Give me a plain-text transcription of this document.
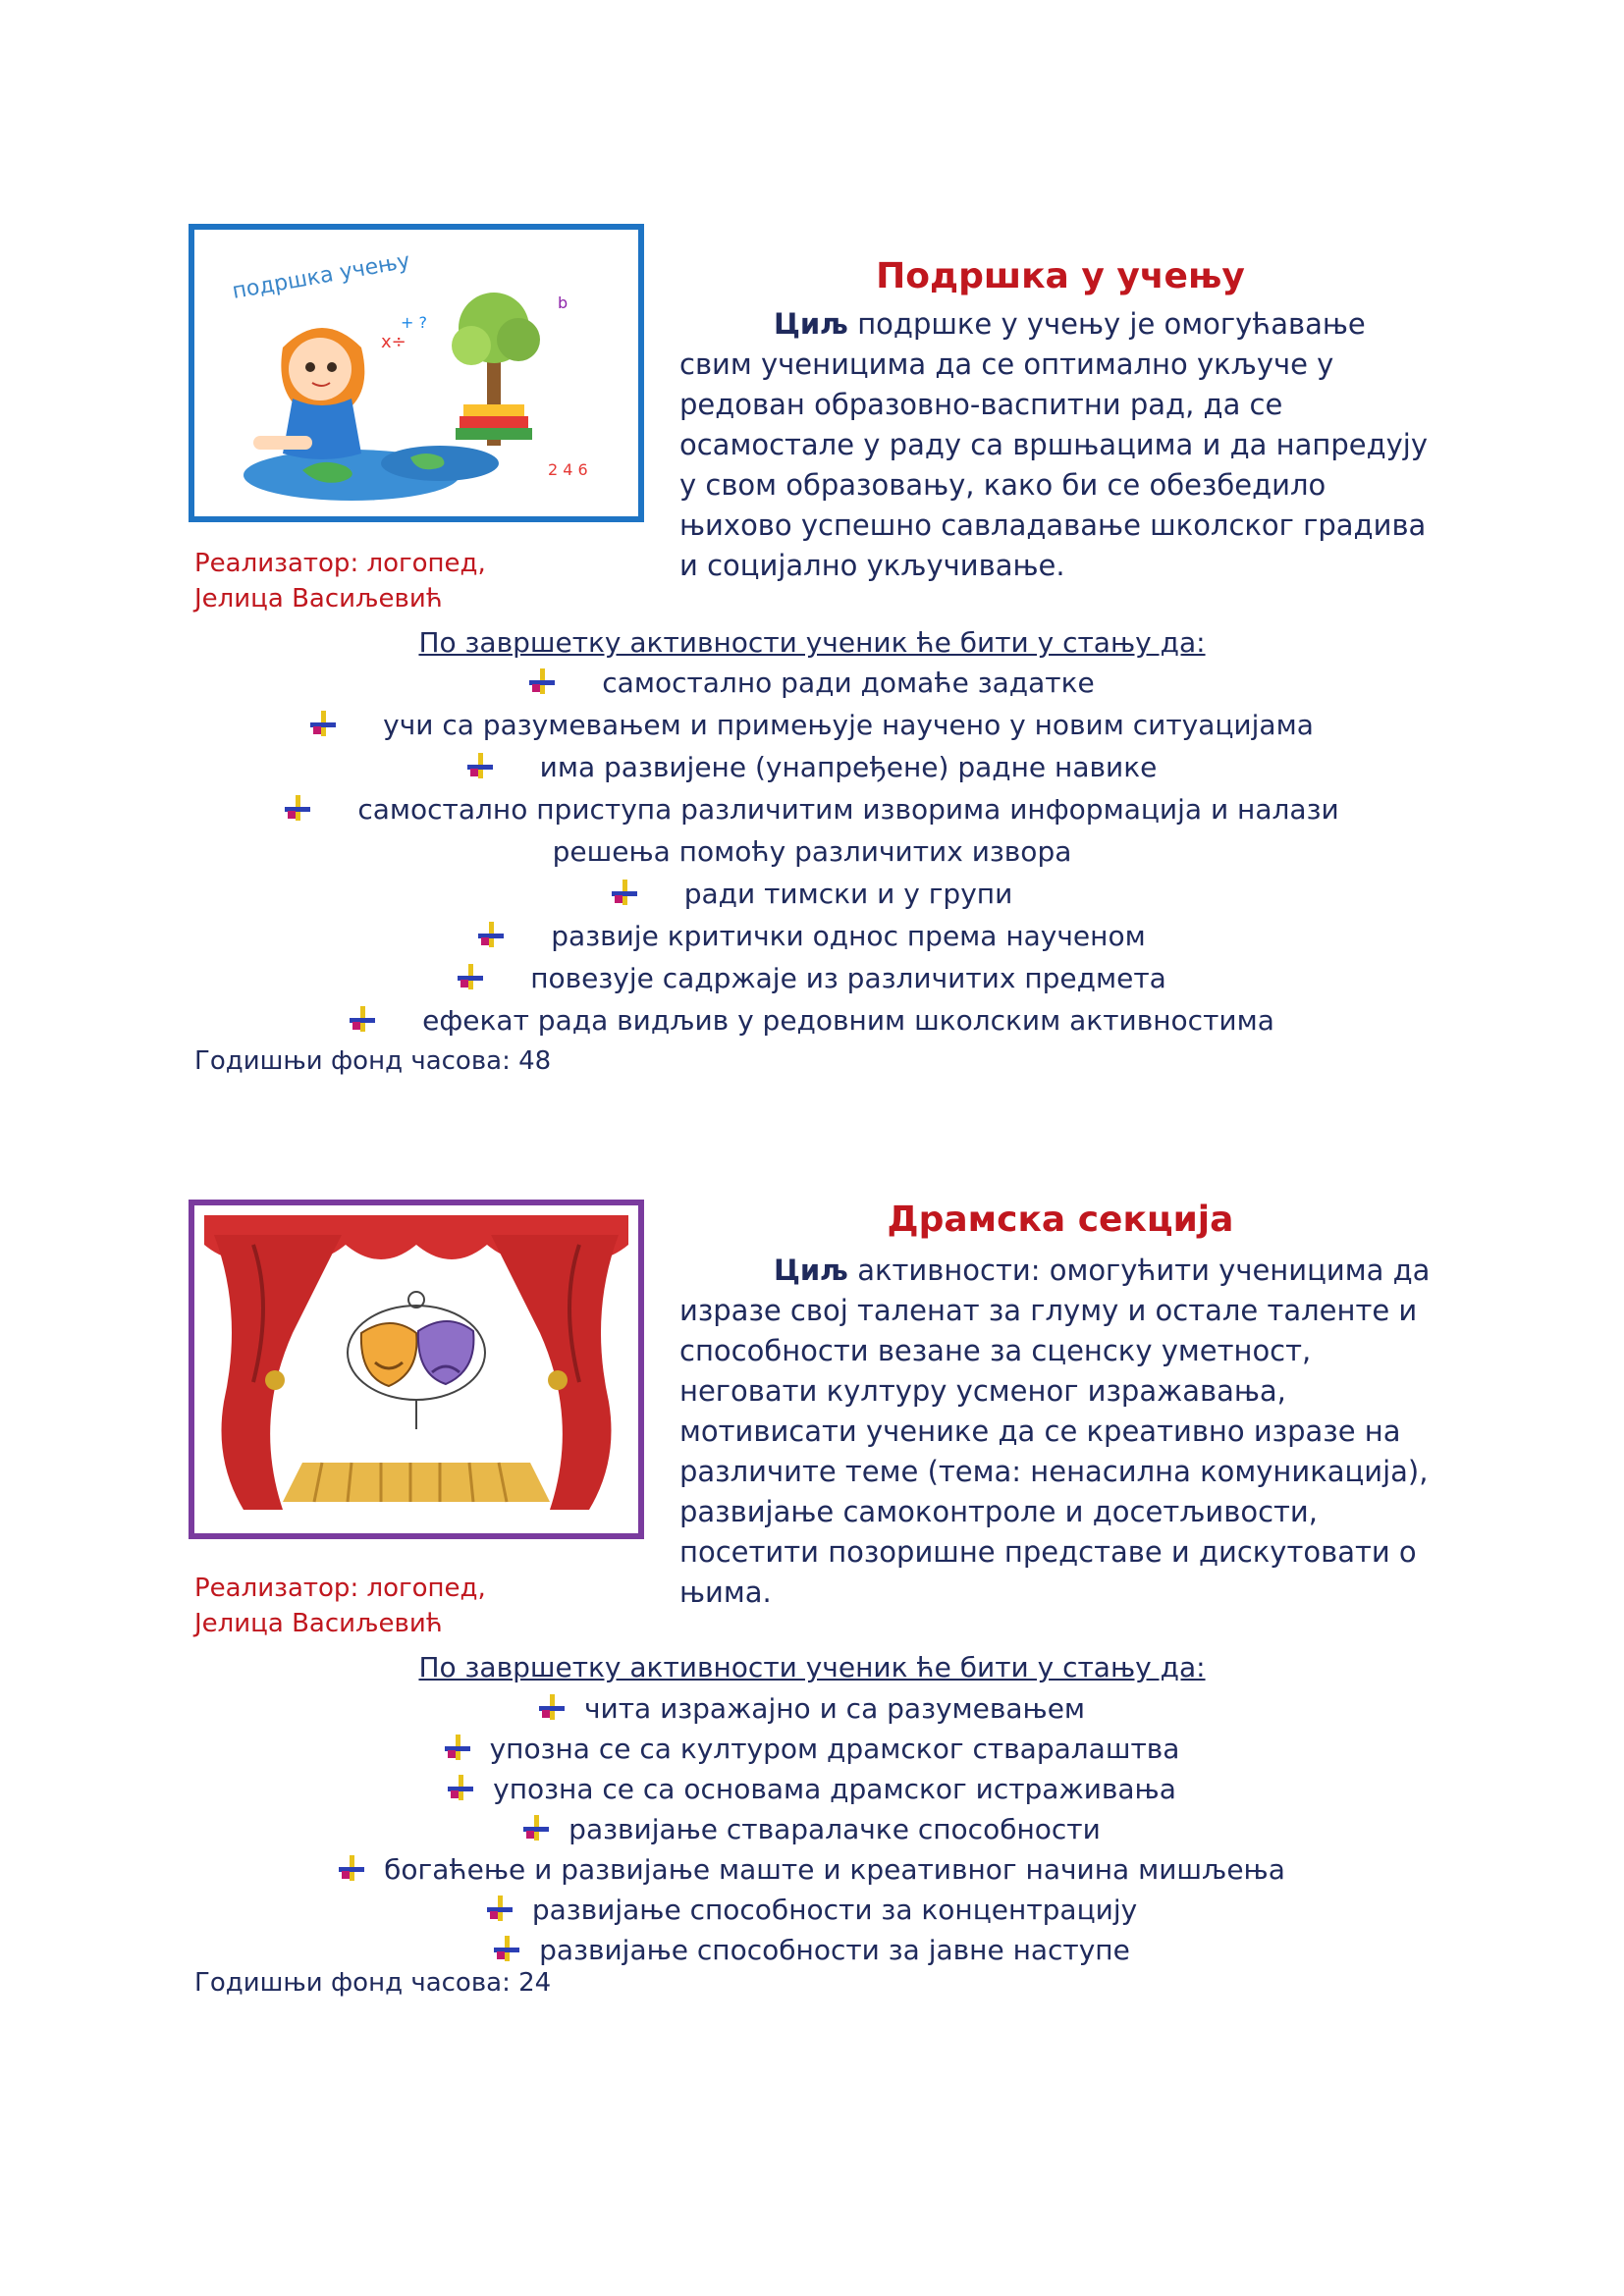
подршка учењу
x÷
+ ?
b
2 4 6
Подршка у учењу

Циљ подршке у учењу је омогућавање свим ученицима да се оптимално укључе у редован образовно-васпитни рад, да се осамостале у раду са вршњацима и да напредују у свом образовању, како би се обезбедило њихово успешно савладавање школског градива и социјално укључивање.

Реализатор: логопед,
Јелица Васиљевић

По завршетку активности ученик ће бити у стању да:

самостално ради домаће задатке
учи са разумевањем и примењује научено у новим ситуацијама
има развијене (унапређене) радне навике
самостално приступа различитим изворима информација и налази решења помоћу различитих извора
ради тимски и у групи
развије критички однос према наученом
повезује садржаје из различитих предмета
ефекат рада видљив у редовним школским активностима

Годишњи фонд часова: 48

Драмска секција

Циљ активности: омогућити ученицима да изразе свој таленат за глуму и остале таленте и способности везане за сценску уметност, неговати културу усменог изражавања, мотивисати ученике да се креативно изразе на различите теме (тема: ненасилна комуникација), развијање самоконтроле и досетљивости, посетити позоришне представе и дискутовати о њима.

Реализатор: логопед,
Јелица Васиљевић

По завршетку активности ученик ће бити у стању да:

чита изражајно и са разумевањем
упозна се са културом драмског стваралаштва
упозна се са основама драмског истраживања
развијање стваралачке способности
богаћење и развијање маште и креативног начина мишљења
развијање способности за концентрацију
развијање способности за јавне наступе

Годишњи фонд часова: 24
